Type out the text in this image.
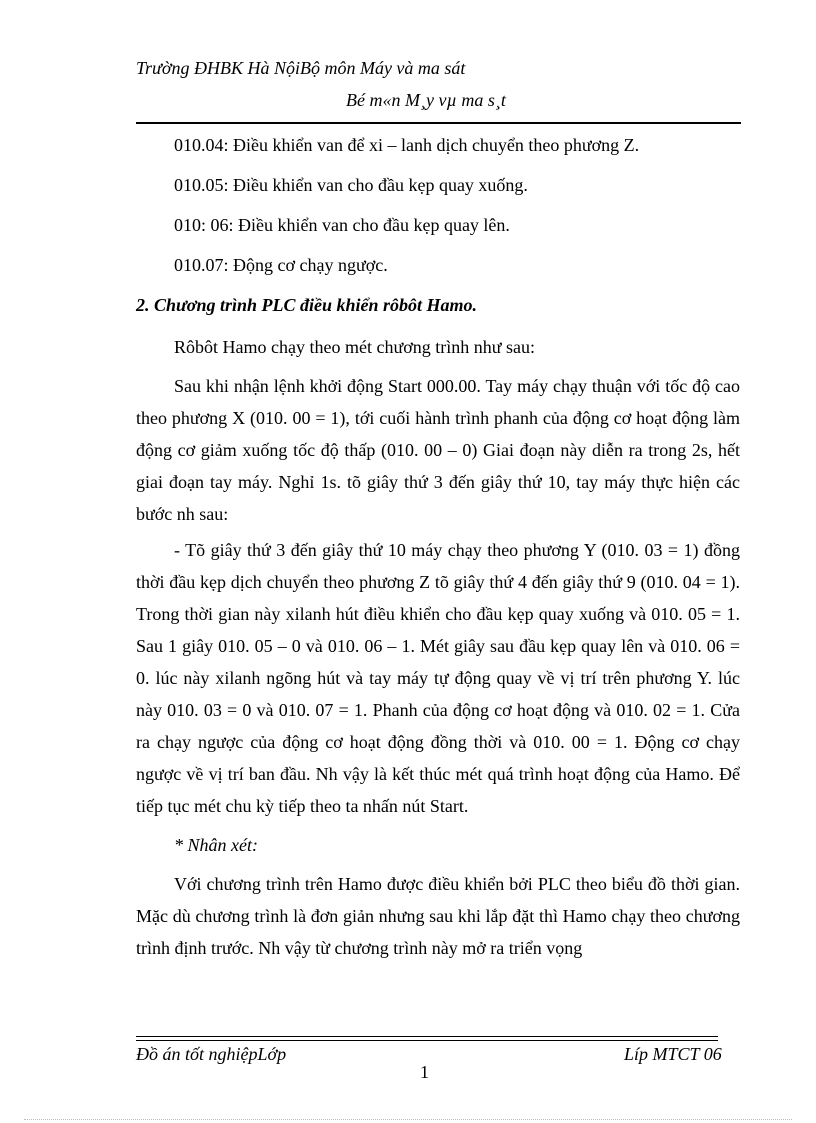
Trường ĐHBK Hà NộiBộ môn Máy và ma sát
Bé m«n M¸y vµ ma s¸t
010.04: Điều khiển van để xi – lanh dịch chuyển theo phương Z.
010.05: Điều khiển van cho đầu kẹp quay xuống.
010: 06: Điều khiển van cho đầu kẹp quay lên.
010.07: Động cơ chạy ngược.
2. Chương trình PLC điều khiển rôbôt Hamo.
Rôbôt Hamo chạy theo mét chương trình như sau:

Sau khi nhận lệnh khởi động Start 000.00. Tay máy chạy thuận với tốc độ cao theo phương X (010. 00 = 1), tới cuối hành trình phanh của động cơ hoạt động làm động cơ giảm xuống tốc độ thấp (010. 00 – 0) Giai đoạn này diễn ra trong 2s, hết giai đoạn tay máy. Nghỉ 1s. tõ giây thứ 3 đến giây thứ 10, tay máy thực hiện các bước nh sau:

- Tõ giây thứ 3 đến giây thứ 10 máy chạy theo phương Y (010. 03 = 1) đồng thời đầu kẹp dịch chuyển theo phương Z tõ giây thứ 4 đến giây thứ 9 (010. 04 = 1). Trong thời gian này xilanh hút điều khiển cho đầu kẹp quay xuống và 010. 05 = 1. Sau 1 giây 010. 05 – 0 và 010. 06 – 1. Mét giây sau đầu kẹp quay lên và 010. 06 = 0. lúc này xilanh ngõng hút và tay máy tự động quay về vị trí trên phương Y. lúc này 010. 03 = 0 và 010. 07 = 1. Phanh của động cơ hoạt động và 010. 02 = 1. Cửa ra chạy ngược của động cơ hoạt động đồng thời và 010. 00 = 1. Động cơ chạy ngược về vị trí ban đầu. Nh vậy là kết thúc mét quá trình hoạt động của Hamo. Để tiếp tục mét chu kỳ tiếp theo ta nhấn nút Start.

* Nhân xét:

Với chương trình trên Hamo được điều khiển bởi PLC theo biểu đồ thời gian. Mặc dù chương trình là đơn giản nhưng sau khi lắp đặt thì Hamo chạy theo chương trình định trước. Nh vậy từ chương trình này mở ra triển vọng

Đồ án tốt nghiệpLớp	Líp MTCT 06
1
